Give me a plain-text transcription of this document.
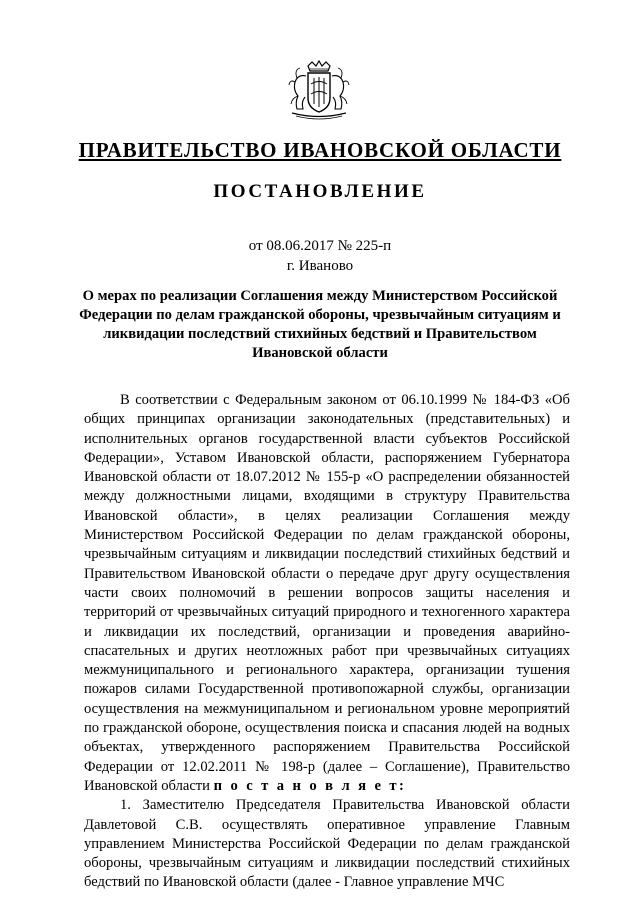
ПРАВИТЕЛЬСТВО ИВАНОВСКОЙ ОБЛАСТИ
ПОСТАНОВЛЕНИЕ
от 08.06.2017 № 225-п
г. Иваново
О мерах по реализации Соглашения между Министерством Российской Федерации по делам гражданской обороны, чрезвычайным ситуациям и ликвидации последствий стихийных бедствий и Правительством Ивановской области

В соответствии с Федеральным законом от 06.10.1999 № 184-ФЗ «Об общих принципах организации законодательных (представительных) и исполнительных органов государственной власти субъектов Российской Федерации», Уставом Ивановской области, распоряжением Губернатора Ивановской области от 18.07.2012 № 155-р «О распределении обязанностей между должностными лицами, входящими в структуру Правительства Ивановской области», в целях реализации Соглашения между Министерством Российской Федерации по делам гражданской обороны, чрезвычайным ситуациям и ликвидации последствий стихийных бедствий и Правительством Ивановской области о передаче друг другу осуществления части своих полномочий в решении вопросов защиты населения и территорий от чрезвычайных ситуаций природного и техногенного характера и ликвидации их последствий, организации и проведения аварийно-спасательных и других неотложных работ при чрезвычайных ситуациях межмуниципального и регионального характера, организации тушения пожаров силами Государственной противопожарной службы, организации осуществления на межмуниципальном и региональном уровне мероприятий по гражданской обороне, осуществления поиска и спасания людей на водных объектах, утвержденного распоряжением Правительства Российской Федерации от 12.02.2011 № 198-р (далее – Соглашение), Правительство Ивановской области п о с т а н о в л я е т:

1. Заместителю Председателя Правительства Ивановской области Давлетовой С.В. осуществлять оперативное управление Главным управлением Министерства Российской Федерации по делам гражданской обороны, чрезвычайным ситуациям и ликвидации последствий стихийных бедствий по Ивановской области (далее - Главное управление МЧС
